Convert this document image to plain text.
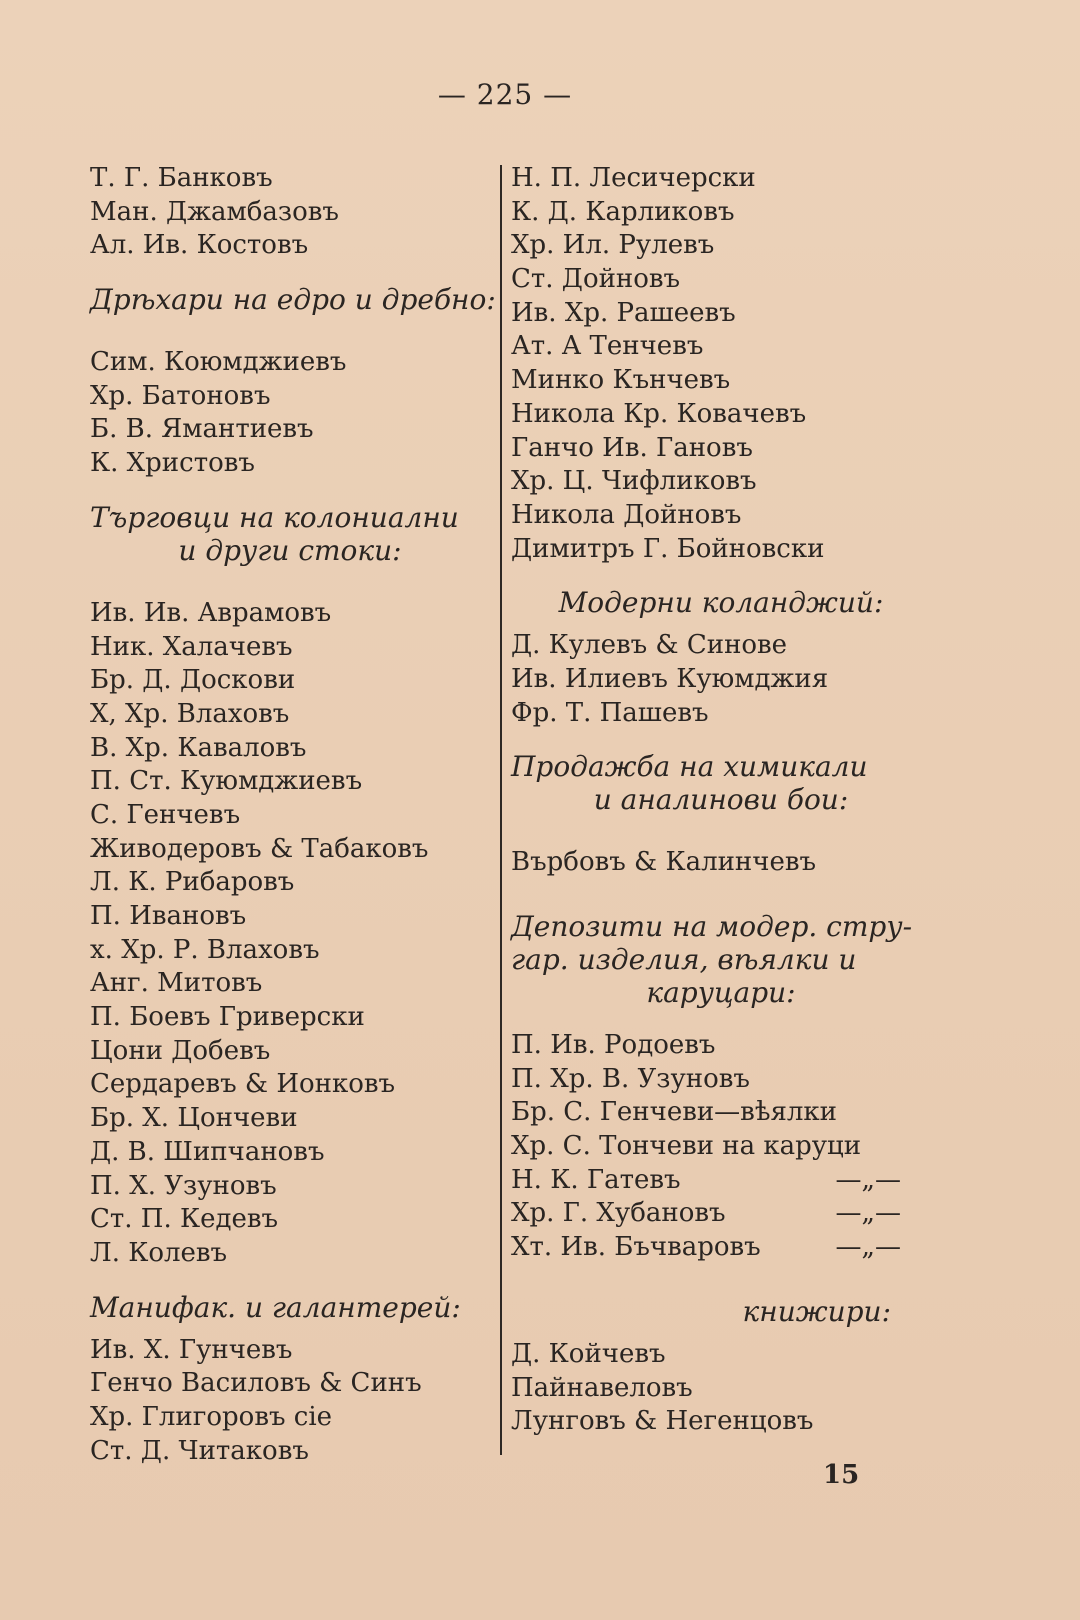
— 225 —
Т. Г. Банковъ
Ман. Джамбазовъ
Ал. Ив. Костовъ
Дрѣхари на едро и дребно:
Сим. Коюмджиевъ
Хр. Батоновъ
Б. В. Ямантиевъ
К. Христовъ
Търговци на колониални
и други стоки:
Ив. Ив. Аврамовъ
Ник. Халачевъ
Бр. Д. Доскови
Х, Хр. Влаховъ
В. Хр. Каваловъ
П. Ст. Куюмджиевъ
С. Генчевъ
Живодеровъ & Табаковъ
Л. К. Рибаровъ
П. Ивановъ
х. Хр. Р. Влаховъ
Анг. Митовъ
П. Боевъ Гриверски
Цони Добевъ
Сердаревъ & Ионковъ
Бр. Х. Цончеви
Д. В. Шипчановъ
П. Х. Узуновъ
Ст. П. Кедевъ
Л. Колевъ
Манифак. и галантерей:
Ив. Х. Гунчевъ
Генчо Василовъ & Синъ
Хр. Глигоровъ сіе
Ст. Д. Читаковъ
Н. П. Лесичерски
К. Д. Карликовъ
Хр. Ил. Рулевъ
Ст. Дойновъ
Ив. Хр. Рашеевъ
Ат. А Тенчевъ
Минко Кънчевъ
Никола Кр. Ковачевъ
Ганчо Ив. Гановъ
Хр. Ц. Чифликовъ
Никола Дойновъ
Димитръ Г. Бойновски
Модерни коланджий:
Д. Кулевъ & Синове
Ив. Илиевъ Куюмджия
Фр. Т. Пашевъ
Продажба на химикали
и аналинови бои:
Върбовъ & Калинчевъ
Депозити на модер. стру-
гар. изделия, вѣялки и
каруцари:
П. Ив. Родоевъ
П. Хр. В. Узуновъ
Бр. С. Генчеви—вѣялки
Хр. С. Тончеви на каруци
Н. К. Гатевъ	—„—
Хр. Г. Хубановъ	—„—
Хт. Ив. Бъчваровъ	—„—
книжири:
Д. Койчевъ
Пайнавеловъ
Лунговъ & Негенцовъ
15
